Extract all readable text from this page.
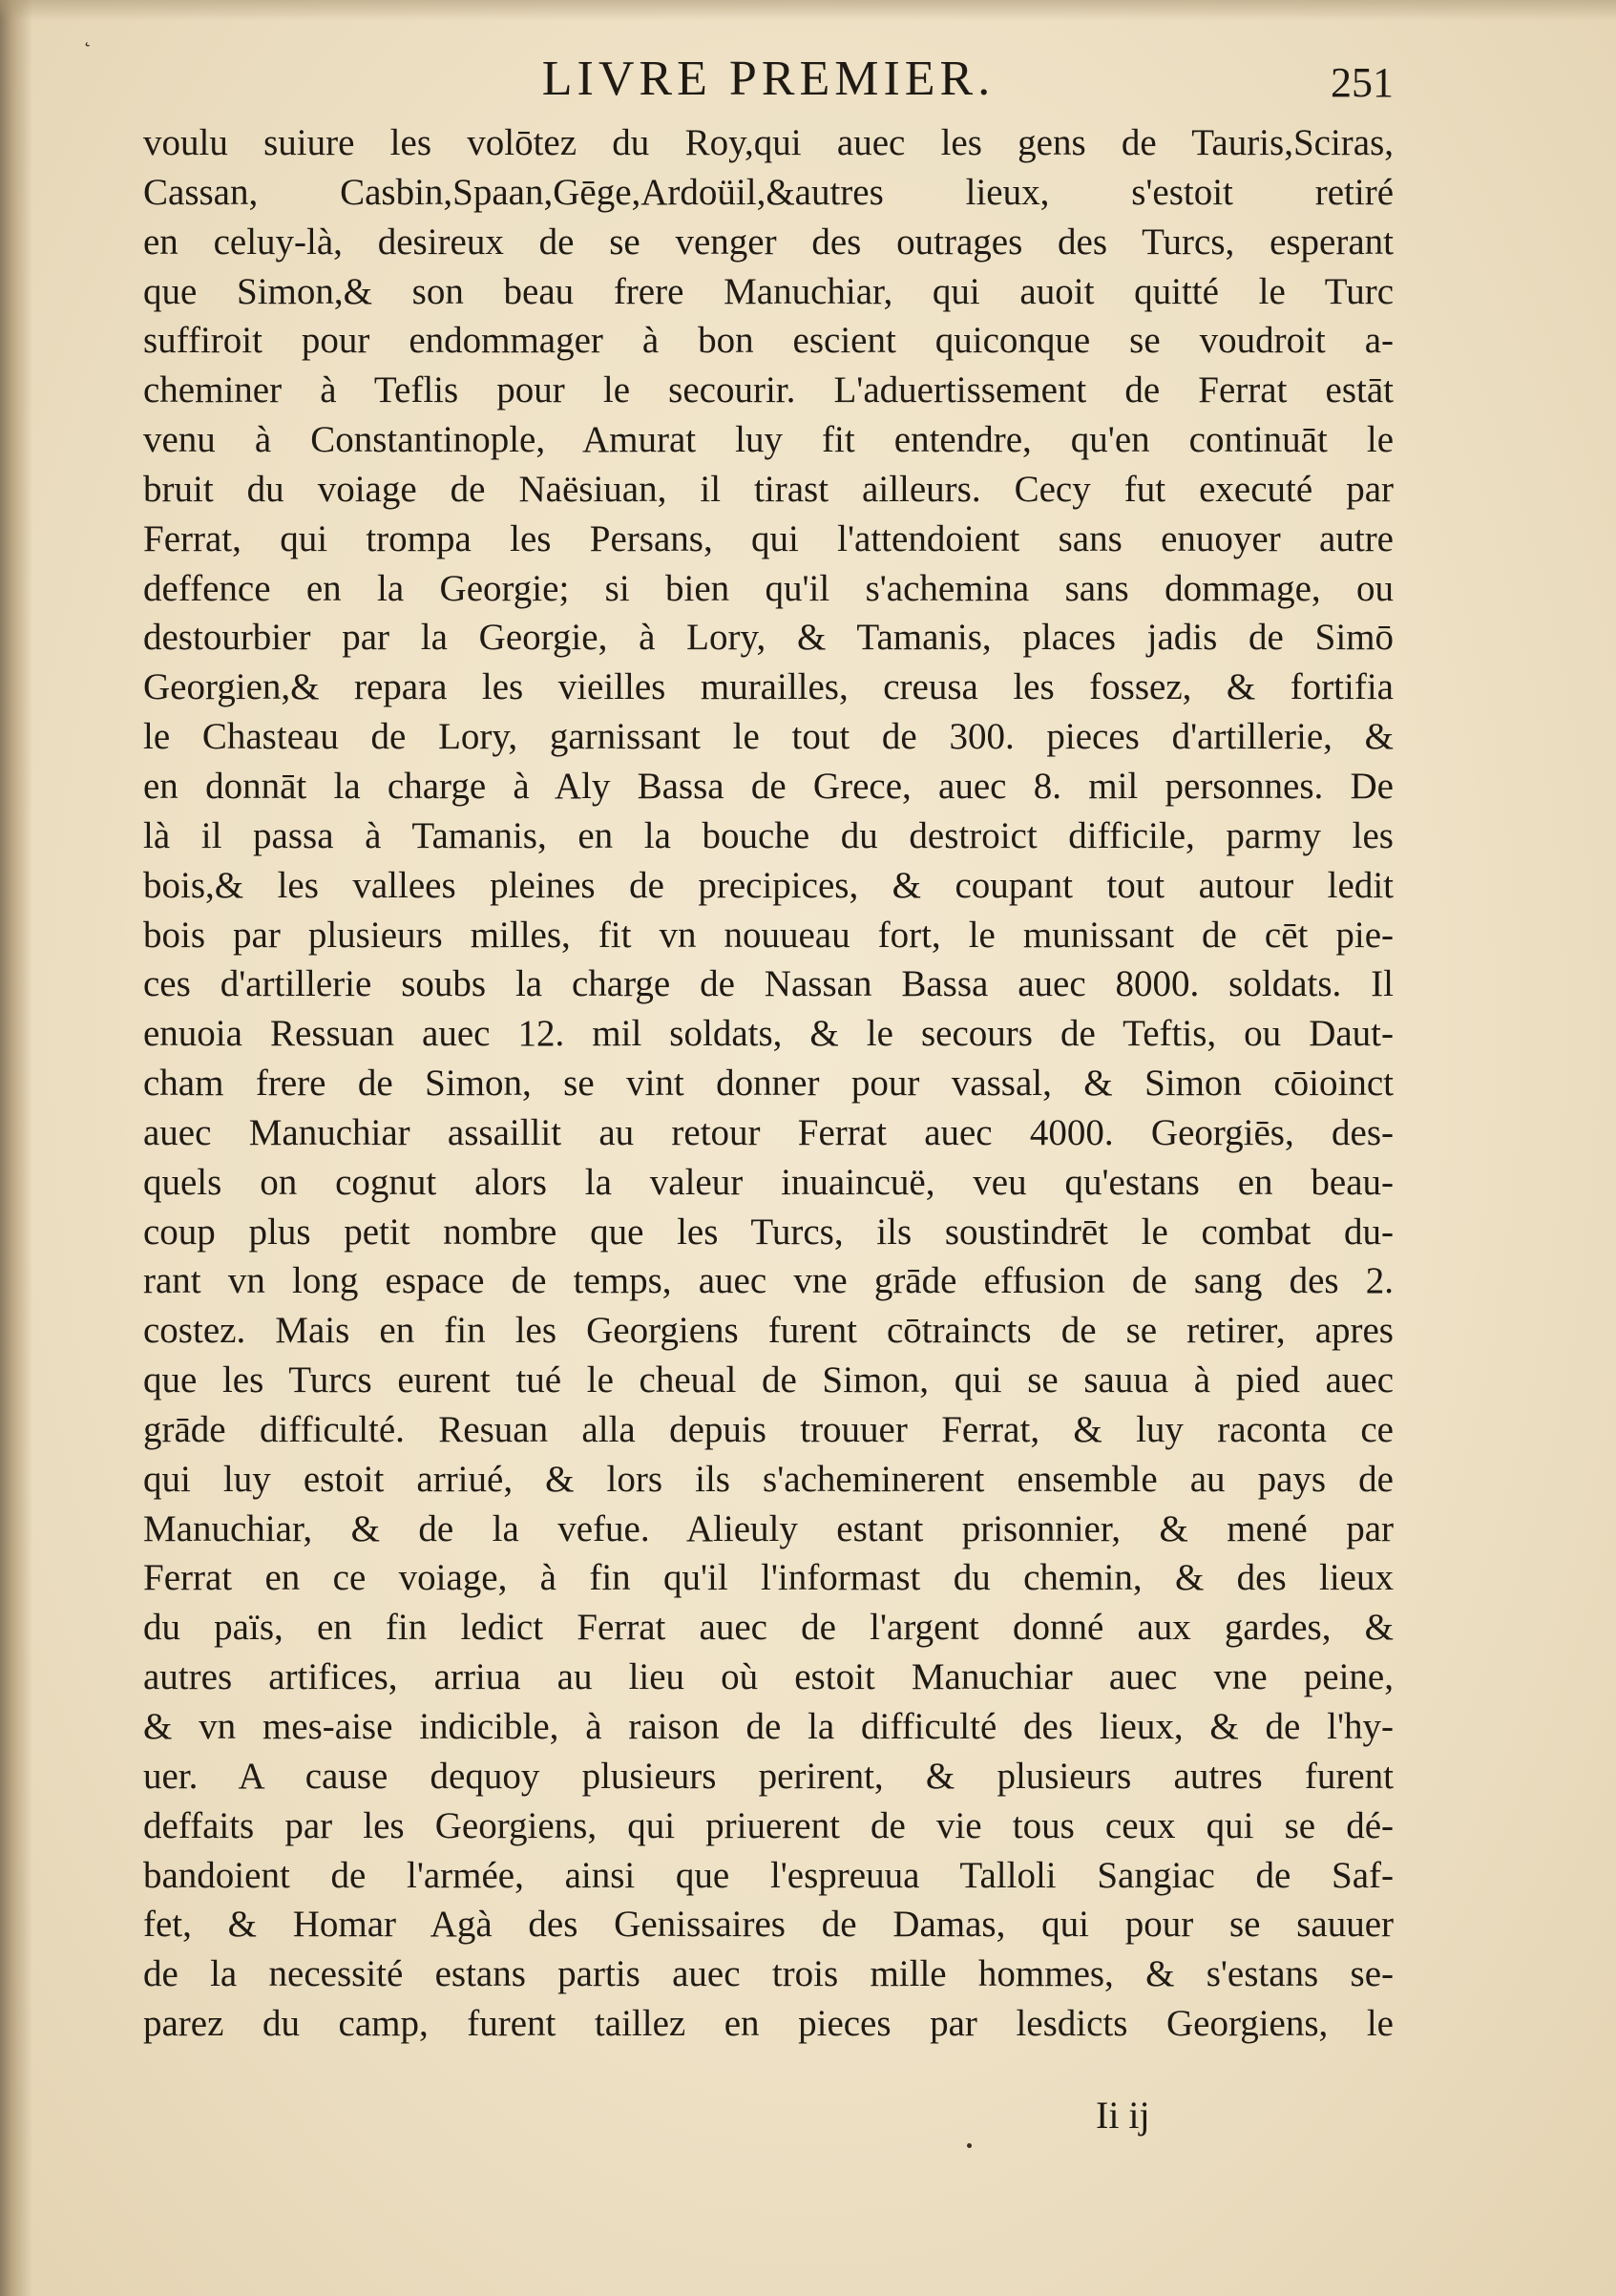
˛
LIVRE PREMIER.	251
voulu suiure les volōtez du Roy,qui auec les gens de Tauris,Sciras,
Cassan, Casbin,Spaan,Gēge,Ardoüil,&autres lieux, s'estoit retiré
en celuy-là, desireux de se venger des outrages des Turcs, esperant
que Simon,& son beau frere Manuchiar, qui auoit quitté le Turc
suffiroit pour endommager à bon escient quiconque se voudroit a-
cheminer à Teflis pour le secourir. L'aduertissement de Ferrat estāt
venu à Constantinople, Amurat luy fit entendre, qu'en continuāt le
bruit du voiage de Naësiuan, il tirast ailleurs. Cecy fut executé par
Ferrat, qui trompa les Persans, qui l'attendoient sans enuoyer autre
deffence en la Georgie; si bien qu'il s'achemina sans dommage, ou
destourbier par la Georgie, à Lory, & Tamanis, places jadis de Simō
Georgien,& repara les vieilles murailles, creusa les fossez, & fortifia
le Chasteau de Lory, garnissant le tout de 300. pieces d'artillerie, &
en donnāt la charge à Aly Bassa de Grece, auec 8. mil personnes. De
là il passa à Tamanis, en la bouche du destroict difficile, parmy les
bois,& les vallees pleines de precipices, & coupant tout autour ledit
bois par plusieurs milles, fit vn nouueau fort, le munissant de cēt pie-
ces d'artillerie soubs la charge de Nassan Bassa auec 8000. soldats. Il
enuoia Ressuan auec 12. mil soldats, & le secours de Teftis, ou Daut-
cham frere de Simon, se vint donner pour vassal, & Simon cōioinct
auec Manuchiar assaillit au retour Ferrat auec 4000. Georgiēs, des-
quels on cognut alors la valeur inuaincuë, veu qu'estans en beau-
coup plus petit nombre que les Turcs, ils soustindrēt le combat du-
rant vn long espace de temps, auec vne grāde effusion de sang des 2.
costez. Mais en fin les Georgiens furent cōtraincts de se retirer, apres
que les Turcs eurent tué le cheual de Simon, qui se sauua à pied auec
grāde difficulté. Resuan alla depuis trouuer Ferrat, & luy raconta ce
qui luy estoit arriué, & lors ils s'acheminerent ensemble au pays de
Manuchiar, & de la vefue. Alieuly estant prisonnier, & mené par
Ferrat en ce voiage, à fin qu'il l'informast du chemin, & des lieux
du païs, en fin ledict Ferrat auec de l'argent donné aux gardes, &
autres artifices, arriua au lieu où estoit Manuchiar auec vne peine,
& vn mes-aise indicible, à raison de la difficulté des lieux, & de l'hy-
uer. A cause dequoy plusieurs perirent, & plusieurs autres furent
deffaits par les Georgiens, qui priuerent de vie tous ceux qui se dé-
bandoient de l'armée, ainsi que l'espreuua Talloli Sangiac de Saf-
fet, & Homar Agà des Genissaires de Damas, qui pour se sauuer
de la necessité estans partis auec trois mille hommes, & s'estans se-
parez du camp, furent taillez en pieces par lesdicts Georgiens, le
Ii ij
